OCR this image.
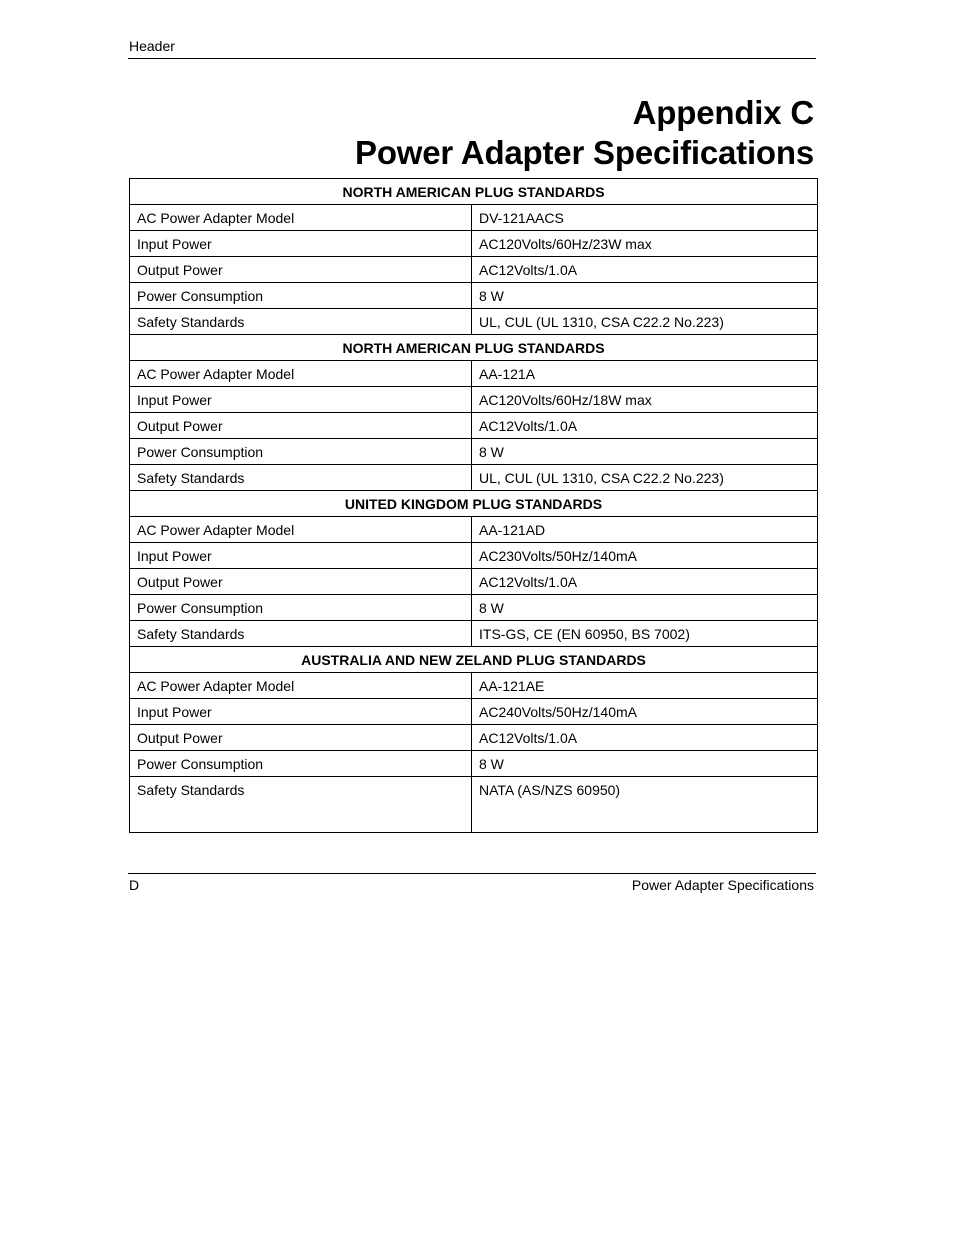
Header
Appendix C
Power Adapter Specifications
NORTH AMERICAN PLUG STANDARDS	
AC Power Adapter Model	DV-121AACS
Input Power	AC120Volts/60Hz/23W max
Output Power	AC12Volts/1.0A
Power Consumption	8 W
Safety Standards	UL, CUL (UL 1310, CSA C22.2 No.223)
NORTH AMERICAN PLUG STANDARDS	
AC Power Adapter Model	AA-121A
Input Power	AC120Volts/60Hz/18W max
Output Power	AC12Volts/1.0A
Power Consumption	8 W
Safety Standards	UL, CUL (UL 1310, CSA C22.2 No.223)
UNITED KINGDOM PLUG STANDARDS	
AC Power Adapter Model	AA-121AD
Input Power	AC230Volts/50Hz/140mA
Output Power	AC12Volts/1.0A
Power Consumption	8 W
Safety Standards	ITS-GS, CE (EN 60950, BS 7002)
AUSTRALIA AND NEW ZELAND PLUG STANDARDS	
AC Power Adapter Model	AA-121AE
Input Power	AC240Volts/50Hz/140mA
Output Power	AC12Volts/1.0A
Power Consumption	8 W
Safety Standards	NATA (AS/NZS 60950)
D	Power Adapter Specifications
